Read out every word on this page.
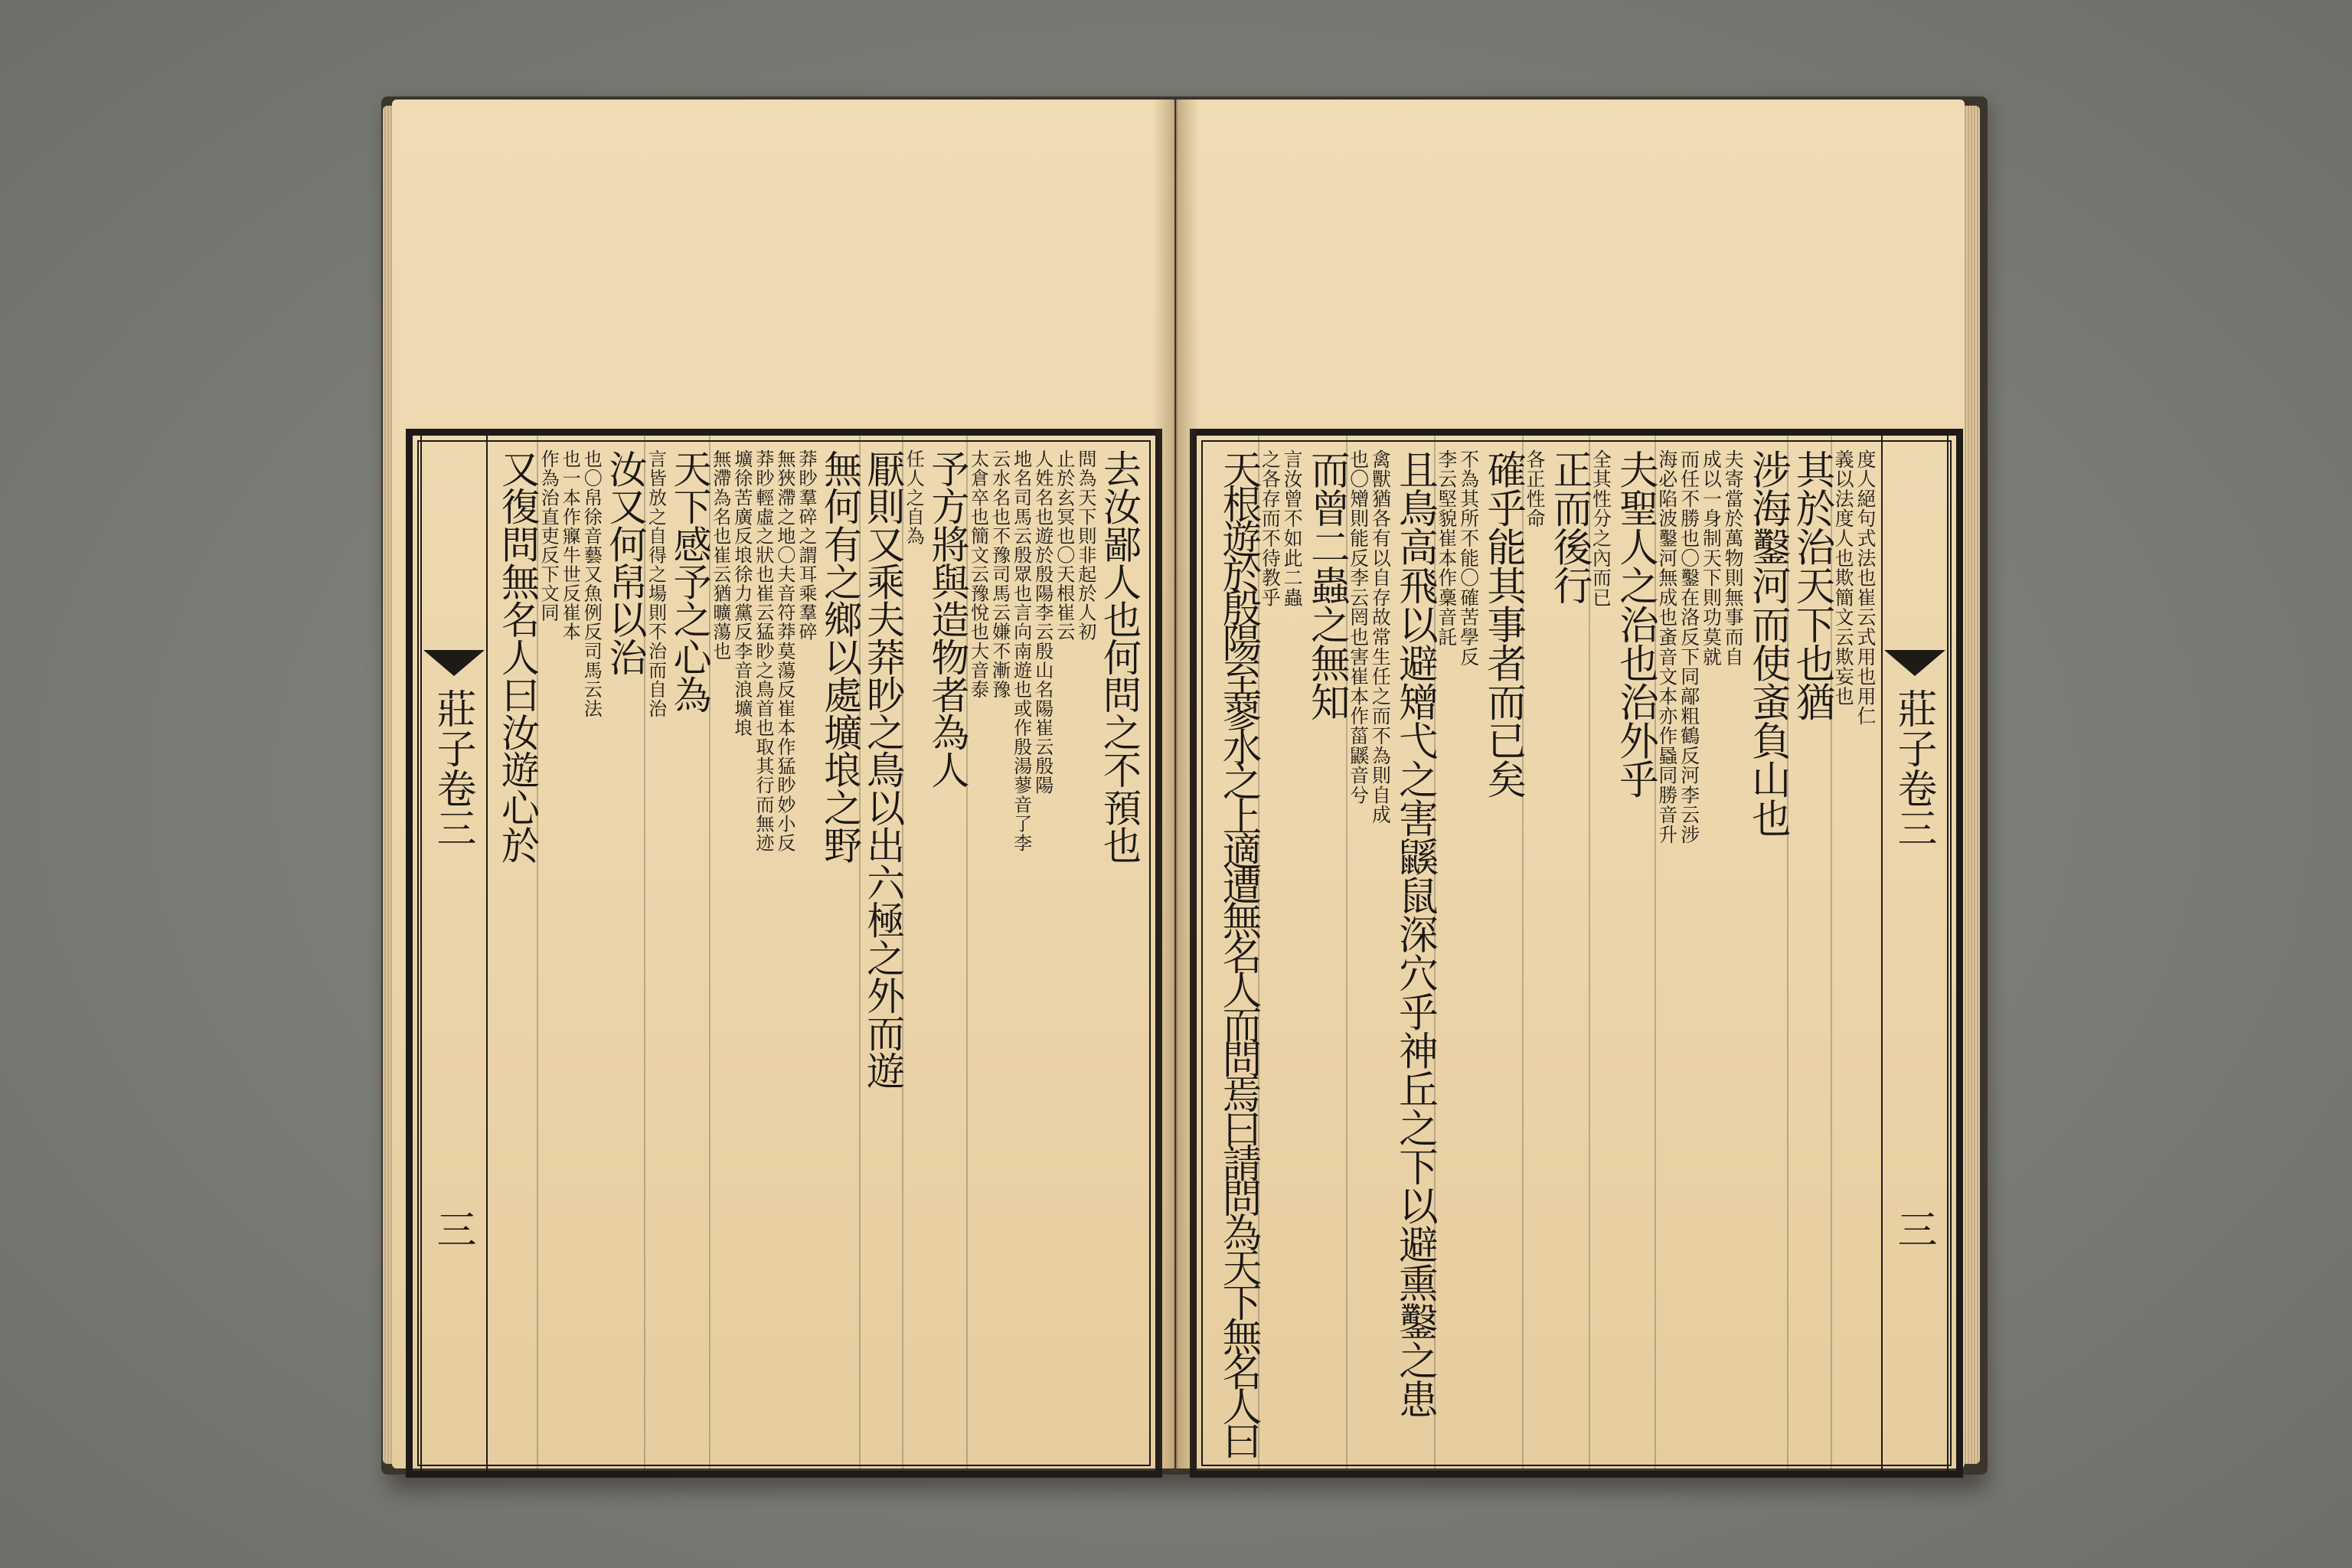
去汝鄙人也何問之不預也
問為天下則非起於人初
止於玄冥也〇天根崔云
人姓名也遊於殷陽李云殷山名陽崔云殷陽
地名司馬云殷眾也言向南遊也或作殷湯蓼音了李
云水名也不豫司馬云嫌不漸豫
太倉卒也簡文云豫悅也大音泰
予方將與造物者為人
任人之自為
厭則又乘夫莽眇之鳥以出六極之外而遊
無何有之鄉以處壙埌之野
莽眇羣碎之謂耳乘羣碎
無狹滯之地〇夫音符莽莫蕩反崔本作猛眇妙小反
莽眇輕虛之狀也崔云猛眇之鳥首也取其行而無迹
壙徐苦廣反埌徐力黨反李音浪壙埌
無滯為名也崔云猶曠蕩也
天下感予之心為
言皆放之自得之場則不治而自治
汝又何帠以治
也〇帠徐音藝又魚例反司馬云法
也一本作寱牛世反崔本
作為治直吏反下文同
又復問無名人曰汝遊心於
莊子卷三
三
度人絕句式法也崔云式用也用仁
義以法度人也欺簡文云欺妄也
其於治天下也猶
涉海鑿河而使蚉負山也
夫寄當於萬物則無事而自
成以一身制天下則功莫就
而任不勝也〇鑿在洛反下同鄗粗鶴反河李云涉
海必陷波鑿河無成也蚉音文本亦作蟁同勝音升
夫聖人之治也治外乎
全其性分之內而已
正而後行
各正性命
確乎能其事者而已矣
不為其所不能〇確苦學反
李云堅貌崔本作稾音託
且鳥高飛以避矰弋之害鼷鼠深穴乎神丘之下以避熏鑿之患
禽獸猶各有以自存故常生任之而不為則自成
也〇矰則能反李云罔也害崔本作菑鼷音兮
而曾二蟲之無知
言汝曾不如此二蟲
之各存而不待教乎
天根遊於殷陽至蓼水之上適遭無名人而問焉曰請問為天下無名人曰	莊子卷三
三
